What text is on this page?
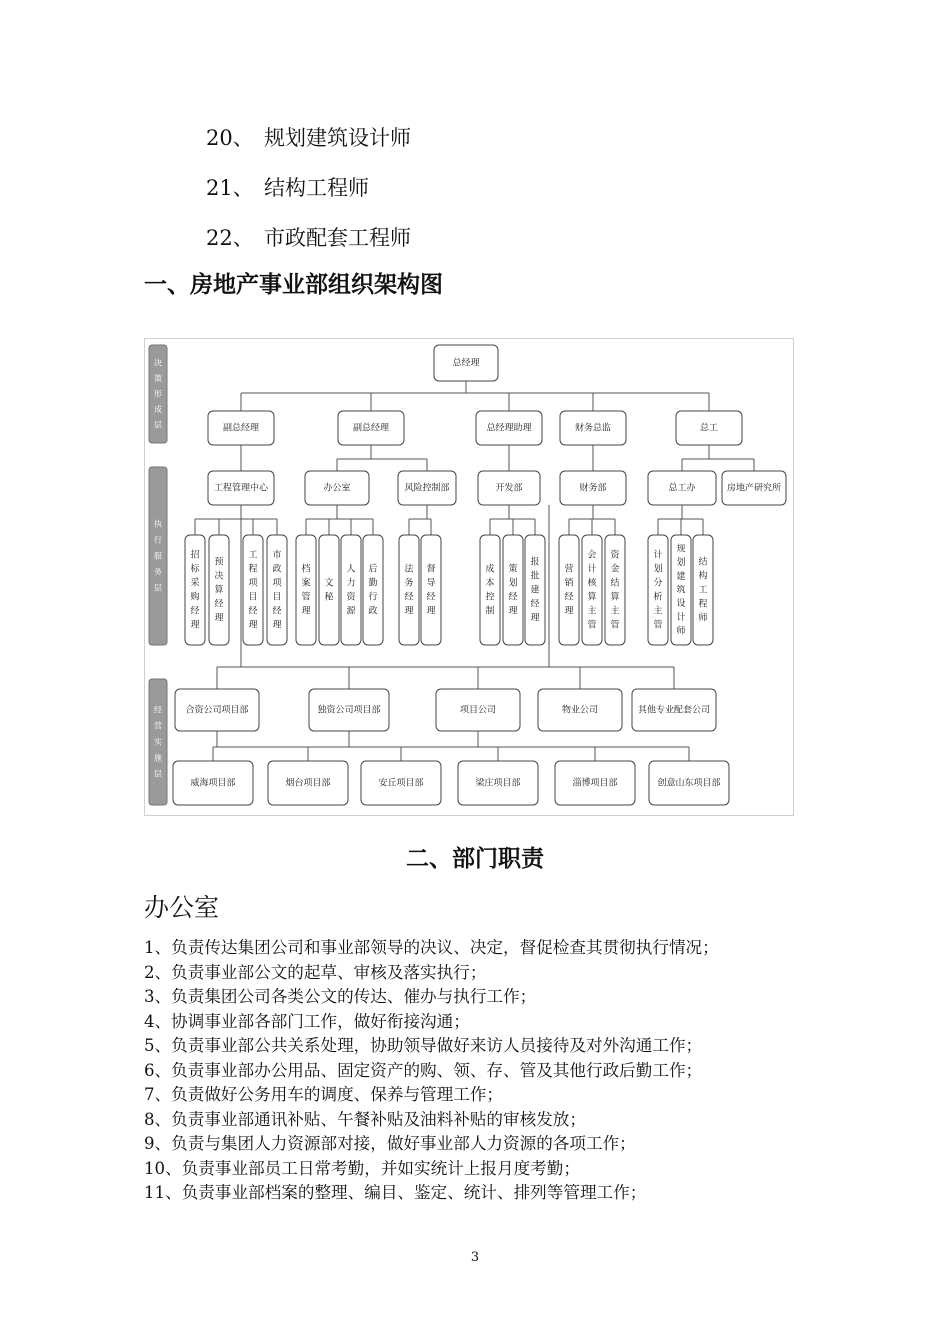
20、 规划建筑设计师
21、 结构工程师
22、 市政配套工程师
一、房地产事业部组织架构图
决
策
形
成
层
执
行
服
务
层
经
营
实
施
层
总经理
副总经理	副总经理	总经理助理	财务总监	总工
工程管理中心	办公室	风险控制部	开发部	财务部	总工办	房地产研究所
招
标
采
购
经
理
预
决
算
经
理
工
程
项
目
经
理
市
政
项
目
经
理
档
案
管
理
文
秘
人
力
资
源
后
勤
行
政
法
务
经
理
督
导
经
理
成
本
控
制
策
划
经
理
报
批
建
经
理
营
销
经
理
会
计
核
算
主
管
资
金
结
算
主
管
计
划
分
析
主
管
规
划
建
筑
设
计
师
结
构
工
程
师
合资公司项目部	独资公司项目部	项目公司	物业公司	其他专业配套公司
威海项目部	烟台项目部	安丘项目部	梁庄项目部	淄博项目部	创意山东项目部
二、部门职责
办公室
1、负责传达集团公司和事业部领导的决议、决定，督促检查其贯彻执行情况；
2、负责事业部公文的起草、审核及落实执行；
3、负责集团公司各类公文的传达、催办与执行工作；
4、协调事业部各部门工作，做好衔接沟通；
5、负责事业部公共关系处理，协助领导做好来访人员接待及对外沟通工作；
6、负责事业部办公用品、固定资产的购、领、存、管及其他行政后勤工作；
7、负责做好公务用车的调度、保养与管理工作；
8、负责事业部通讯补贴、午餐补贴及油料补贴的审核发放；
9、负责与集团人力资源部对接，做好事业部人力资源的各项工作；
10、负责事业部员工日常考勤，并如实统计上报月度考勤；
11、负责事业部档案的整理、编目、鉴定、统计、排列等管理工作；
3
